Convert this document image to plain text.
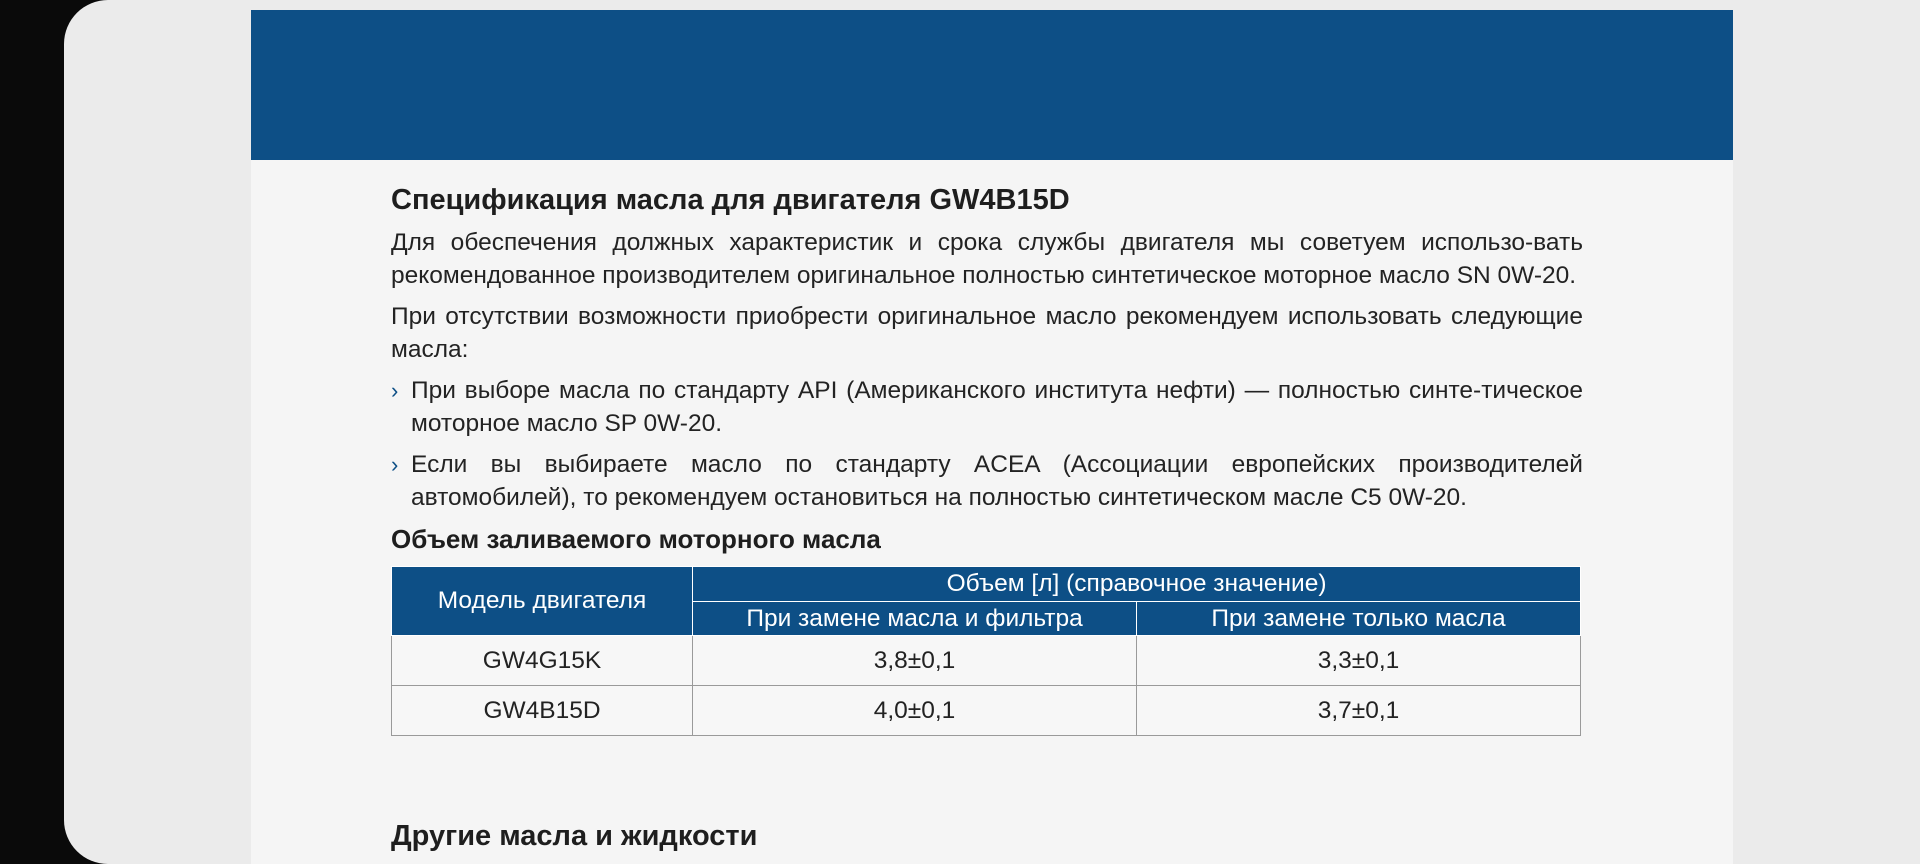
Спецификация масла для двигателя GW4B15D

Для обеспечения должных характеристик и срока службы двигателя мы советуем использо-вать рекомендованное производителем оригинальное полностью синтетическое моторное масло SN 0W-20.

При отсутствии возможности приобрести оригинальное масло рекомендуем использовать следующие масла:

› При выборе масла по стандарту API (Американского института нефти) — полностью синте-тическое моторное масло SP 0W-20.
› Если вы выбираете масло по стандарту ACEA (Ассоциации европейских производителей автомобилей), то рекомендуем остановиться на полностью синтетическом масле C5 0W-20.
Объем заливаемого моторного масла
Модель двигателя	Объем [л] (справочное значение)	
	При замене масла и фильтра	При замене только масла
GW4G15K	3,8±0,1	3,3±0,1
GW4B15D	4,0±0,1	3,7±0,1
Другие масла и жидкости
